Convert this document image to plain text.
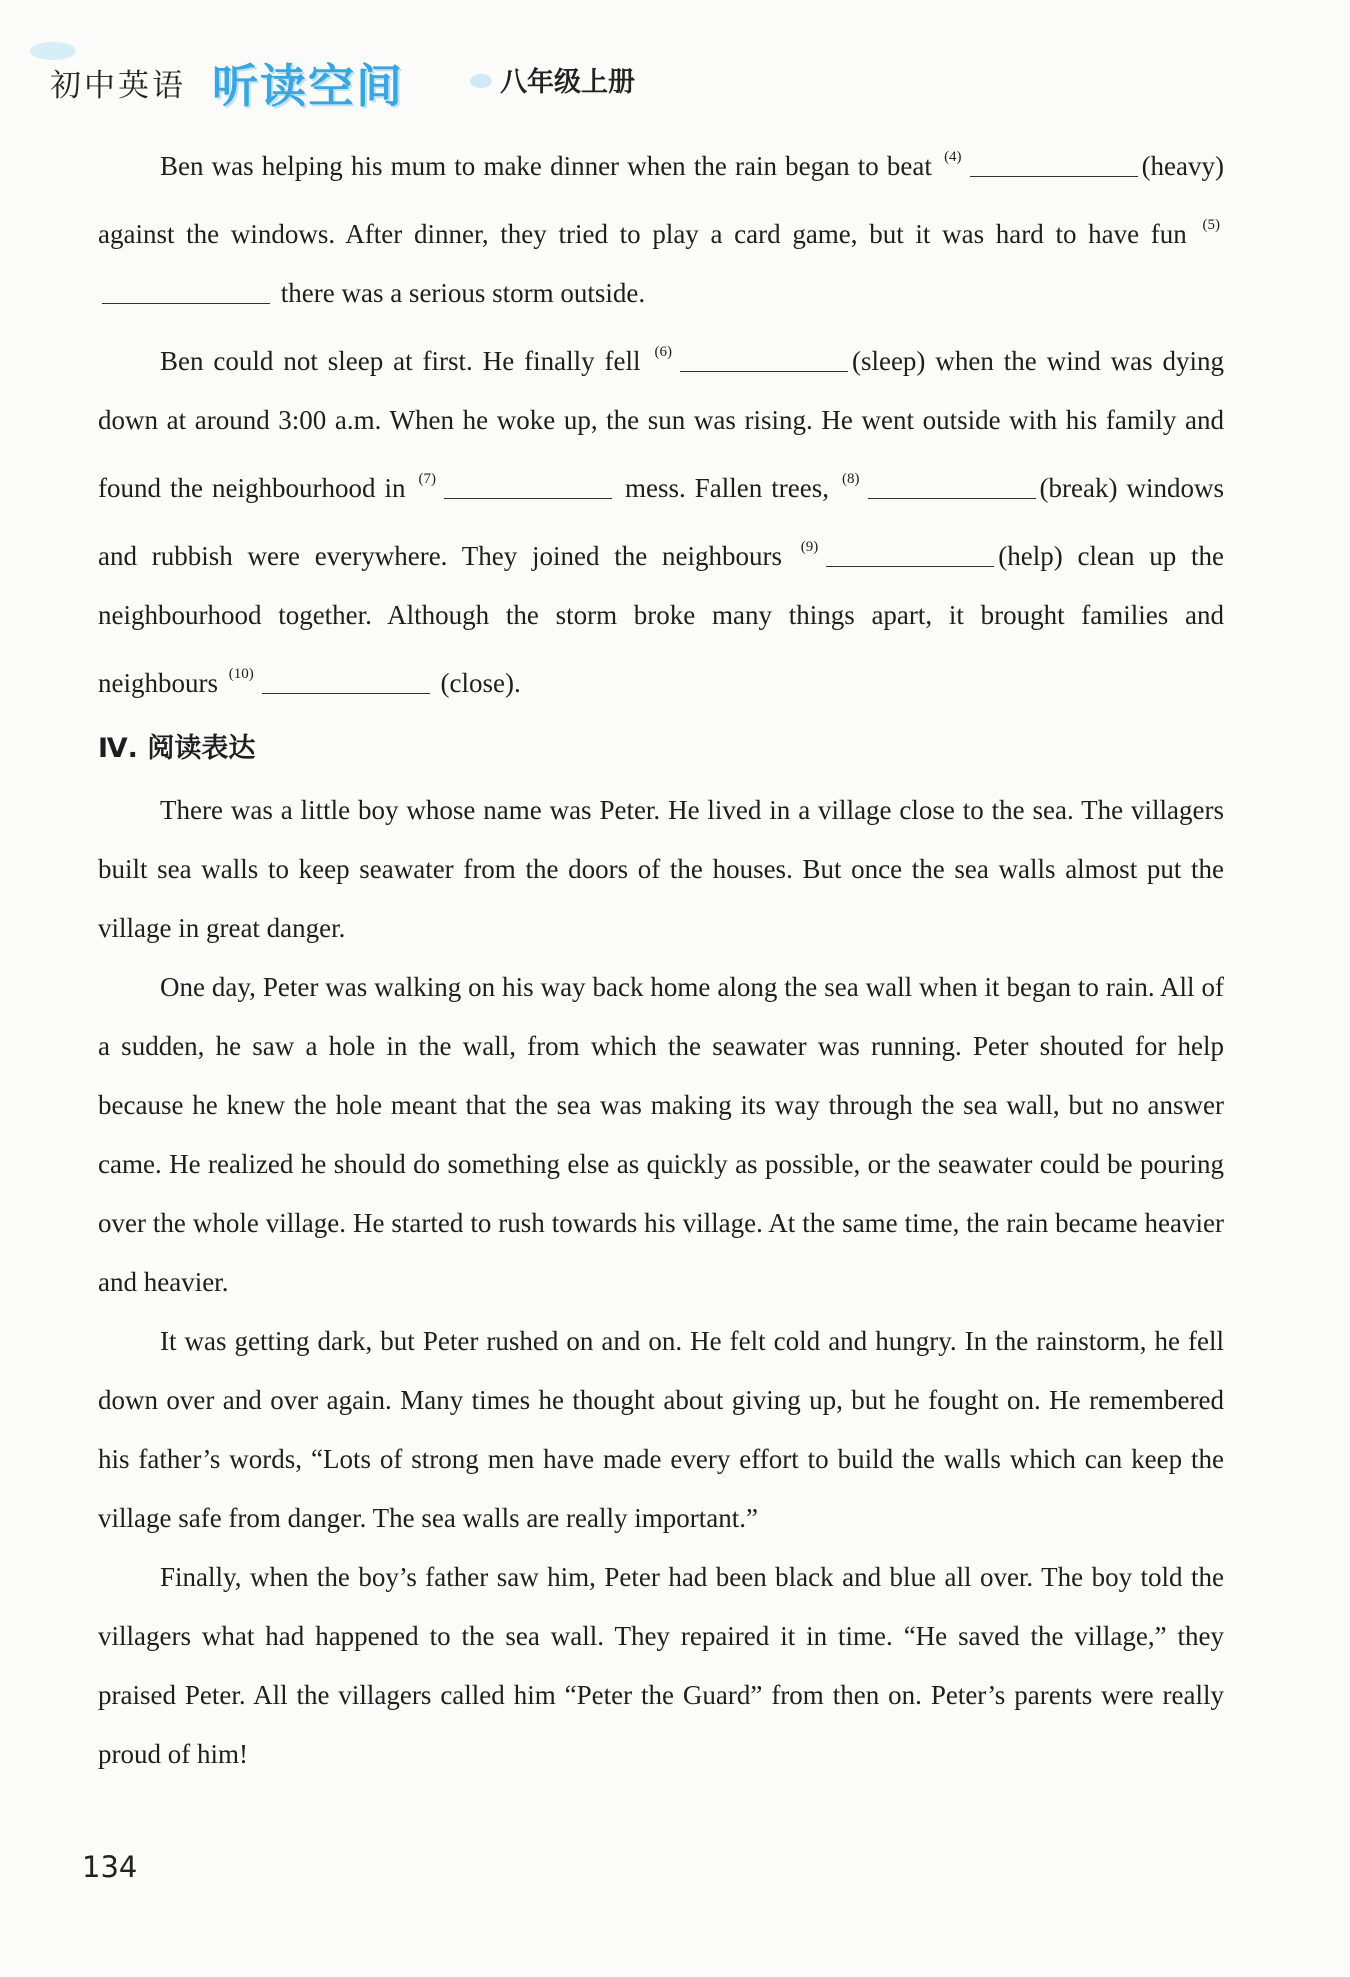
初中英语 听读空间	八年级上册

Ben was helping his mum to make dinner when the rain began to beat $^{(4)}$	(heavy) against the windows. After dinner, they tried to play a card game, but it was hard to have fun $^{(5)}$ there was a serious storm outside.

Ben could not sleep at first. He finally fell $^{(6)}$	(sleep) when the wind was dying down at around 3:00 a.m. When he woke up, the sun was rising. He went outside with his family and found the neighbourhood in $^{(7)}$	mess. Fallen trees, $^{(8)}$	(break) windows and rubbish were everywhere. They joined the neighbours $^{(9)}$	(help) clean up the neighbourhood together. Although the storm broke many things apart, it brought families and neighbours $^{(10)}$	(close).

Ⅳ. 阅读表达

There was a little boy whose name was Peter. He lived in a village close to the sea. The villagers built sea walls to keep seawater from the doors of the houses. But once the sea walls almost put the village in great danger.

One day, Peter was walking on his way back home along the sea wall when it began to rain. All of a sudden, he saw a hole in the wall, from which the seawater was running. Peter shouted for help because he knew the hole meant that the sea was making its way through the sea wall, but no answer came. He realized he should do something else as quickly as possible, or the seawater could be pouring over the whole village. He started to rush towards his village. At the same time, the rain became heavier and heavier.

It was getting dark, but Peter rushed on and on. He felt cold and hungry. In the rainstorm, he fell down over and over again. Many times he thought about giving up, but he fought on. He remembered his father’s words, “Lots of strong men have made every effort to build the walls which can keep the village safe from danger. The sea walls are really important.”

Finally, when the boy’s father saw him, Peter had been black and blue all over. The boy told the villagers what had happened to the sea wall. They repaired it in time. “He saved the village,” they praised Peter. All the villagers called him “Peter the Guard” from then on. Peter’s parents were really proud of him!

134
